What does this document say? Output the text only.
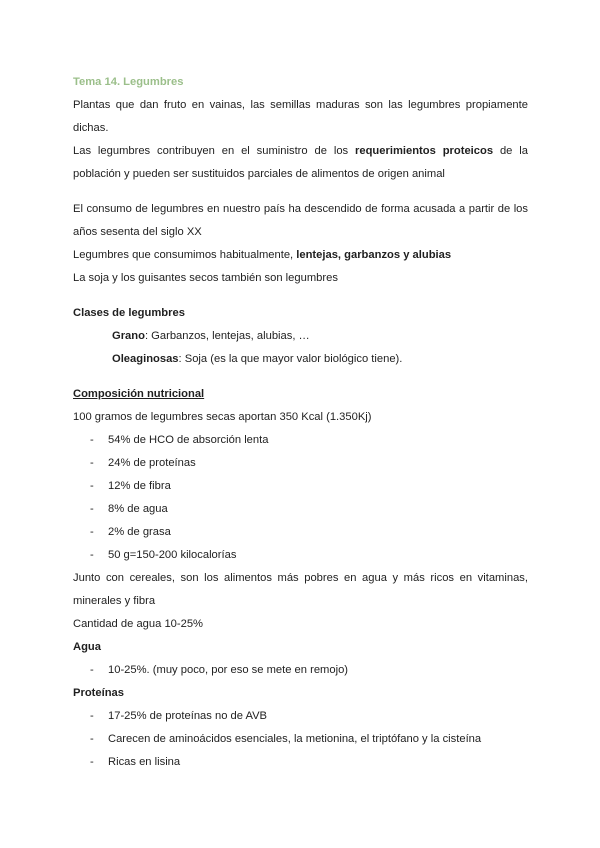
Tema 14. Legumbres
Plantas que dan fruto en vainas, las semillas maduras son las legumbres propiamente dichas.
Las legumbres contribuyen en el suministro de los requerimientos proteicos de la población y pueden ser sustituidos parciales de alimentos de origen animal
El consumo de legumbres en nuestro país ha descendido de forma acusada a partir de los años sesenta del siglo XX
Legumbres que consumimos habitualmente, lentejas, garbanzos y alubias
La soja y los guisantes secos también son legumbres
Clases de legumbres
Grano: Garbanzos, lentejas, alubias, …
Oleaginosas: Soja (es la que mayor valor biológico tiene).
Composición nutricional
100 gramos de legumbres secas aportan 350 Kcal (1.350Kj)
-	54% de HCO de absorción lenta
-	24% de proteínas
-	12% de fibra
-	8% de agua
-	2% de grasa
-	50 g=150-200 kilocalorías
Junto con cereales, son los alimentos más pobres en agua y más ricos en vitaminas, minerales y fibra
Cantidad de agua 10-25%
Agua
-	10-25%. (muy poco, por eso se mete en remojo)
Proteínas
-	17-25% de proteínas no de AVB
-	Carecen de aminoácidos esenciales, la metionina, el triptófano y la cisteína
-	Ricas en lisina
